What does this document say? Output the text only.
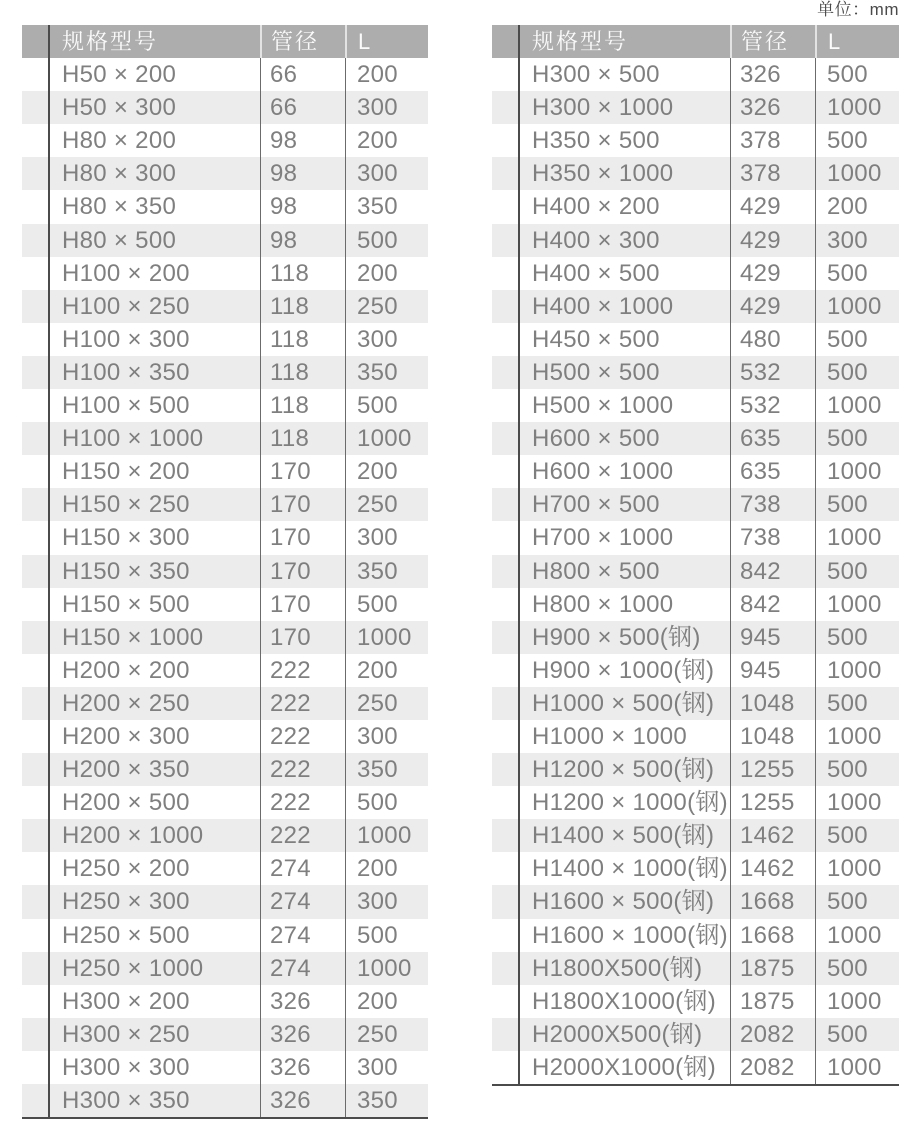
单位：mm
规格型号	管径	L
H50 × 200	66	200
H50 × 300	66	300
H80 × 200	98	200
H80 × 300	98	300
H80 × 350	98	350
H80 × 500	98	500
H100 × 200	118	200
H100 × 250	118	250
H100 × 300	118	300
H100 × 350	118	350
H100 × 500	118	500
H100 × 1000	118	1000
H150 × 200	170	200
H150 × 250	170	250
H150 × 300	170	300
H150 × 350	170	350
H150 × 500	170	500
H150 × 1000	170	1000
H200 × 200	222	200
H200 × 250	222	250
H200 × 300	222	300
H200 × 350	222	350
H200 × 500	222	500
H200 × 1000	222	1000
H250 × 200	274	200
H250 × 300	274	300
H250 × 500	274	500
H250 × 1000	274	1000
H300 × 200	326	200
H300 × 250	326	250
H300 × 300	326	300
H300 × 350	326	350
规格型号	管径	L
H300 × 500	326	500
H300 × 1000	326	1000
H350 × 500	378	500
H350 × 1000	378	1000
H400 × 200	429	200
H400 × 300	429	300
H400 × 500	429	500
H400 × 1000	429	1000
H450 × 500	480	500
H500 × 500	532	500
H500 × 1000	532	1000
H600 × 500	635	500
H600 × 1000	635	1000
H700 × 500	738	500
H700 × 1000	738	1000
H800 × 500	842	500
H800 × 1000	842	1000
H900 × 500(钢)	945	500
H900 × 1000(钢)	945	1000
H1000 × 500(钢)	1048	500
H1000 × 1000	1048	1000
H1200 × 500(钢)	1255	500
H1200 × 1000(钢) 1255	1000
H1400 × 500(钢)	1462	500
H1400 × 1000(钢) 1462	1000
H1600 × 500(钢)	1668	500
H1600 × 1000(钢) 1668	1000
H1800X500(钢)	1875	500
H1800X1000(钢) 1875	1000
H2000X500(钢)	2082	500
H2000X1000(钢) 2082	1000
